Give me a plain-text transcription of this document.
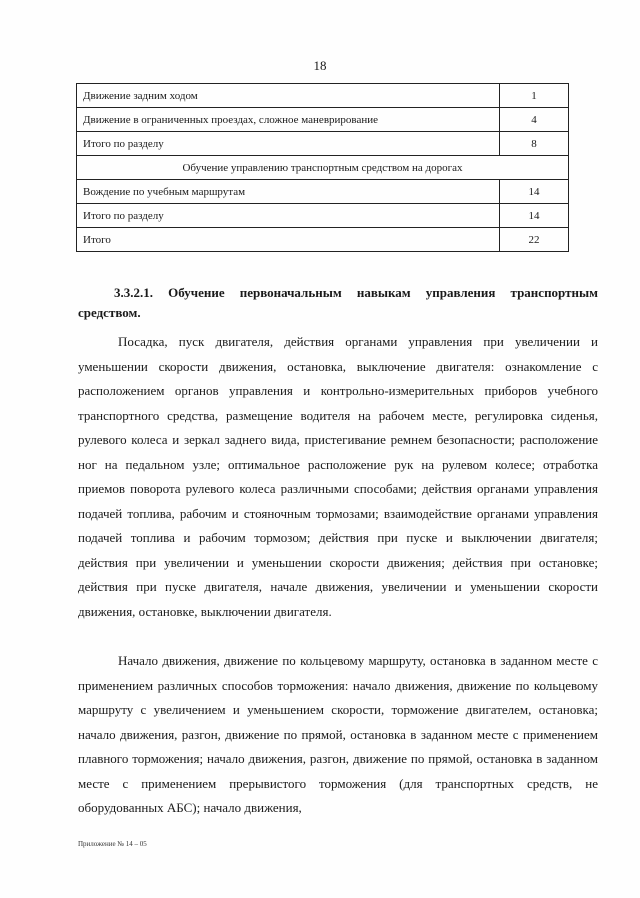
18
Движение задним ходом	1
Движение в ограниченных проездах, сложное маневрирование	4
Итого по разделу	8
Обучение управлению транспортным средством на дорогах	
Вождение по учебным маршрутам	14
Итого по разделу	14
Итого	22
3.3.2.1. Обучение первоначальным навыкам управления транспортным средством.

Посадка, пуск двигателя, действия органами управления при увеличении и уменьшении скорости движения, остановка, выключение двигателя: ознакомление с расположением органов управления и контрольно-измерительных приборов учебного транспортного средства, размещение водителя на рабочем месте, регулировка сиденья, рулевого колеса и зеркал заднего вида, пристегивание ремнем безопасности; расположение ног на педальном узле; оптимальное расположение рук на рулевом колесе; отработка приемов поворота рулевого колеса различными способами; действия органами управления подачей топлива, рабочим и стояночным тормозами; взаимодействие органами управления подачей топлива и рабочим тормозом; действия при пуске и выключении двигателя; действия при увеличении и уменьшении скорости движения; действия при остановке; действия при пуске двигателя, начале движения, увеличении и уменьшении скорости движения, остановке, выключении двигателя.

Начало движения, движение по кольцевому маршруту, остановка в заданном месте с применением различных способов торможения: начало движения, движение по кольцевому маршруту с увеличением и уменьшением скорости, торможение двигателем, остановка; начало движения, разгон, движение по прямой, остановка в заданном месте с применением плавного торможения; начало движения, разгон, движение по прямой, остановка в заданном месте с применением прерывистого торможения (для транспортных средств, не оборудованных АБС); начало движения,

Приложение № 14 – 05
